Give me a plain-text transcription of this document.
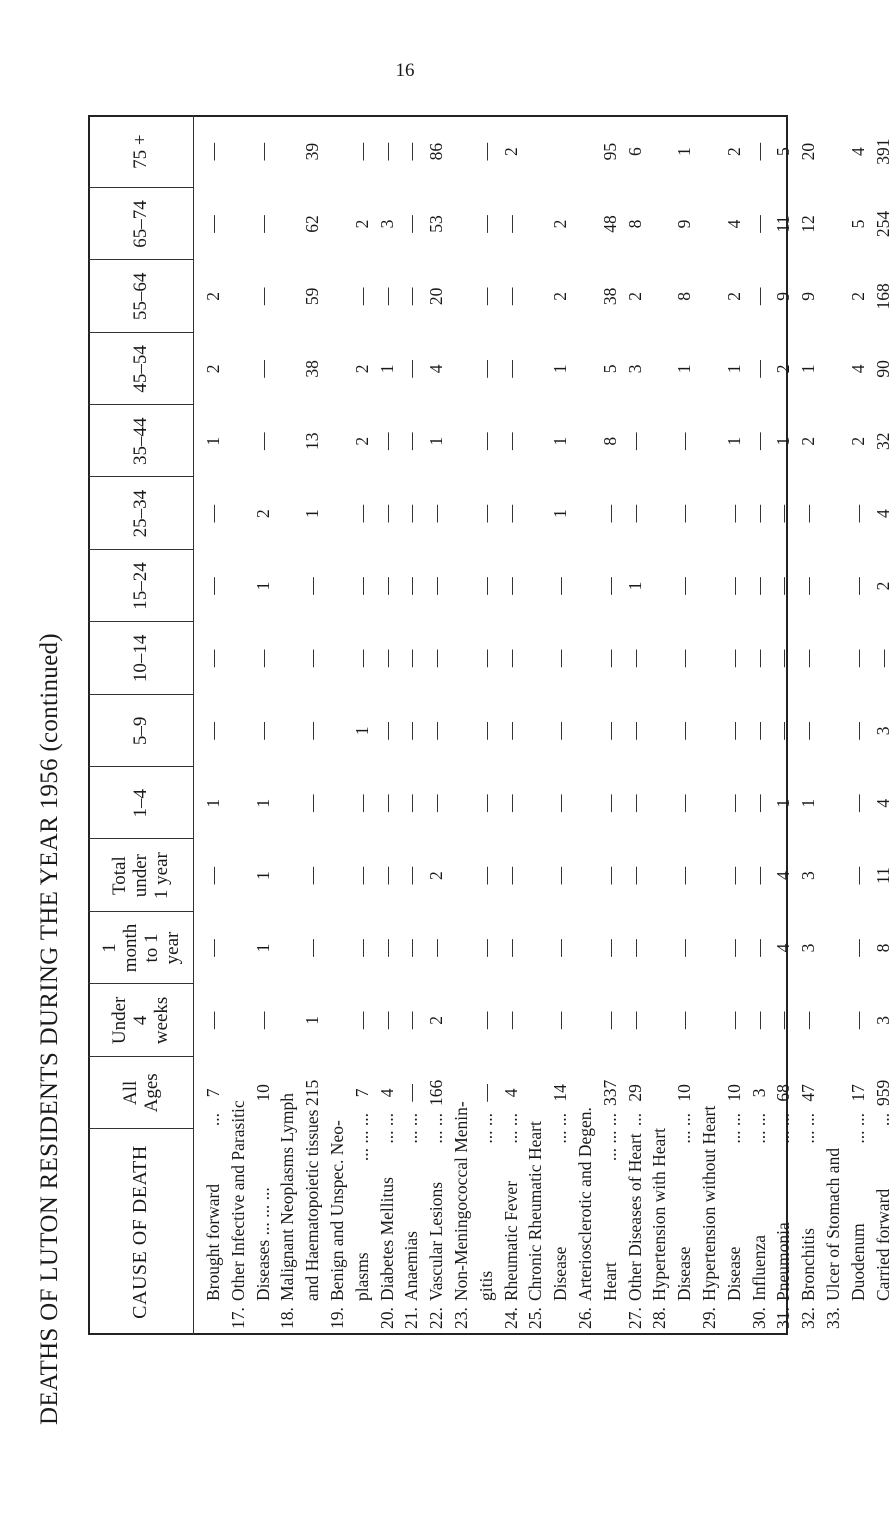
16
DEATHS OF LUTON RESIDENTS DURING THE YEAR 1956 (continued)	CAUSE OF DEATH
All Ages
Under 4 weeks
1 month to 1 year
Total under 1 year
1–4
5–9
10–14
15–24
25–34
35–44
45–54
55–64
65–74
75 +
Brought forward
...
7
—
—
—
1
—
—
—
—
1
2
2
—
—
17.
Other Infective and Parasitic Diseases ... ... ...
10
—
1
1
1
—
—
1
2
—
—
—
—
—
18.
Malignant Neoplasms Lymph and Haematopoietic tissues
215
1
—
—
—
—
—
—
1
13
38
59
62
39
19.
Benign and Unspec. Neo- plasms
... ... ...
7
—
—
—
—
1
—
—
—
2
2
—
2
—
20.
Diabetes Mellitus
... ...
4
—
—
—
—
—
—
—
—
—
1
—
3
—
21.
Anaemias
... ...
—
—
—
—
—
—
—
—
—
—
—
—
—
—
22.
Vascular Lesions
... ...
166
2
—
2
—
—
—
—
—
1
4
20
53
86
23.
Non-Meningococcal Menin- gitis
... ...
—
—
—
—
—
—
—
—
—
—
—
—
—
—
24.
Rheumatic Fever
... ...
4
—
—
—
—
—
—
—
—
—
—
—
—
2
25.
Chronic Rheumatic Heart Disease
... ...
14
—
—
—
—
—
—
—
1
1
1
2
2
26.
Arteriosclerotic and Degen. Heart
... ... ...
337
—
—
—
—
—
—
—
—
8
5
38
48
95
27.
Other Diseases of Heart
...
29
—
—
—
—
—
—
1
—
—
3
2
8
6
28.
Hypertension with Heart Disease
... ...
10
—
—
—
—
—
—
—
—
—
1
8
9
1
29.
Hypertension without Heart Disease
... ...
10
—
—
—
—
—
—
—
—
1
1
2
4
2
30.
Influenza
... ...
3
—
—
—
—
—
—
—
—
—
—
—
—
—
31.
Pneumonia
... ...
68
—
4
4
1
—
—
—
—
1
2
9
11
5
32.
Bronchitis
... ...
47
—
3
3
1
—
—
—
—
2
1
9
12
20
33.
Ulcer of Stomach and Duodenum
... ...
17
—
—
—
—
—
—
—
—
2
4
2
5
4
Carried forward
...
959
3
8
11
4
3
—
2
4
32
90
168
254
391
